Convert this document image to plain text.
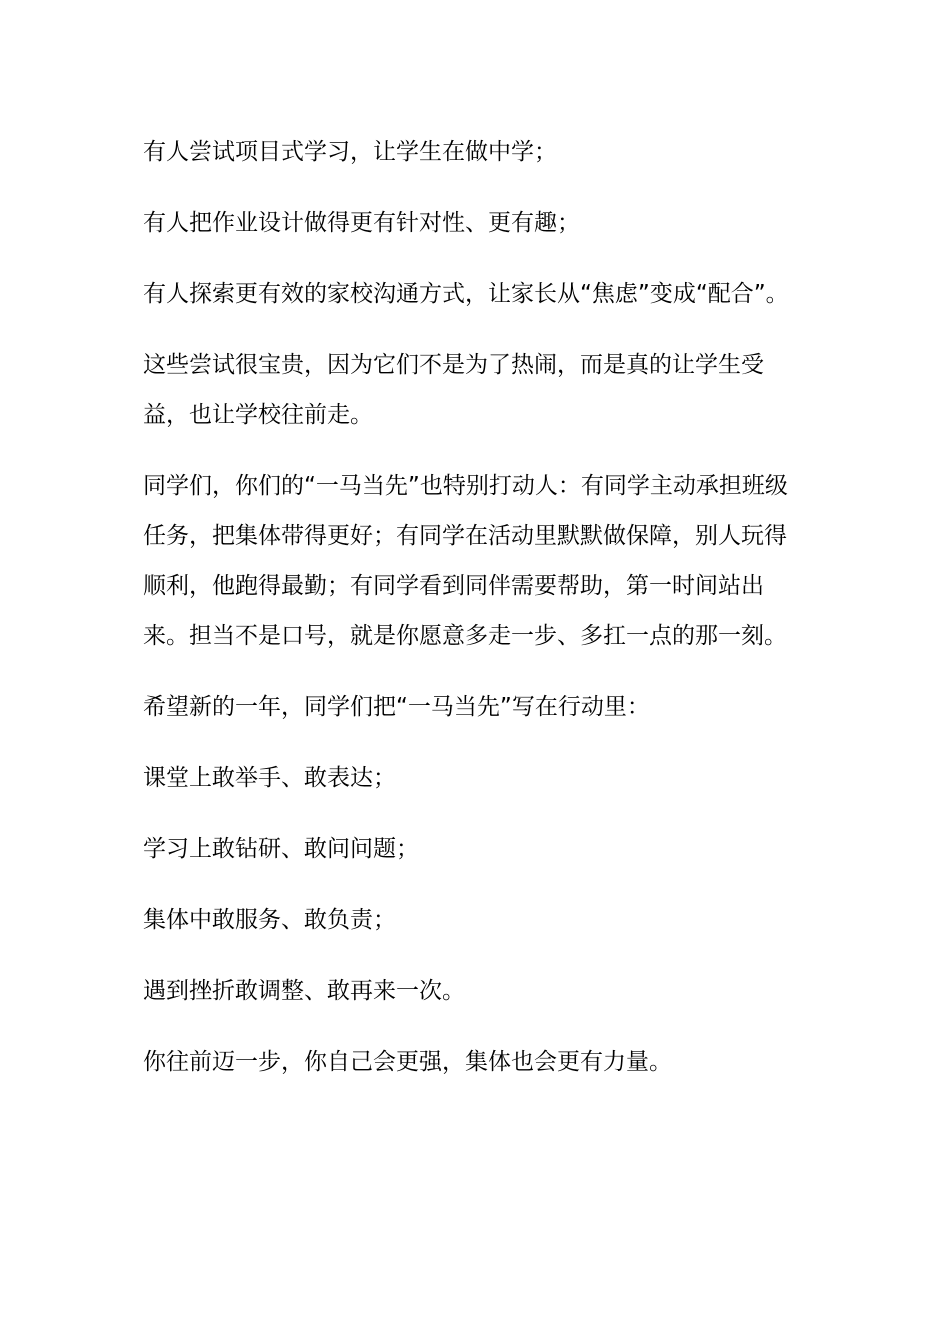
有人尝试项目式学习，让学生在做中学；

有人把作业设计做得更有针对性、更有趣；

有人探索更有效的家校沟通方式，让家长从“焦虑”变成“配合”。

这些尝试很宝贵，因为它们不是为了热闹，而是真的让学生受益，也让学校往前走。

同学们，你们的“一马当先”也特别打动人：有同学主动承担班级任务，把集体带得更好；有同学在活动里默默做保障，别人玩得顺利，他跑得最勤；有同学看到同伴需要帮助，第一时间站出来。担当不是口号，就是你愿意多走一步、多扛一点的那一刻。

希望新的一年，同学们把“一马当先”写在行动里：

课堂上敢举手、敢表达；

学习上敢钻研、敢问问题；

集体中敢服务、敢负责；

遇到挫折敢调整、敢再来一次。

你往前迈一步，你自己会更强，集体也会更有力量。
